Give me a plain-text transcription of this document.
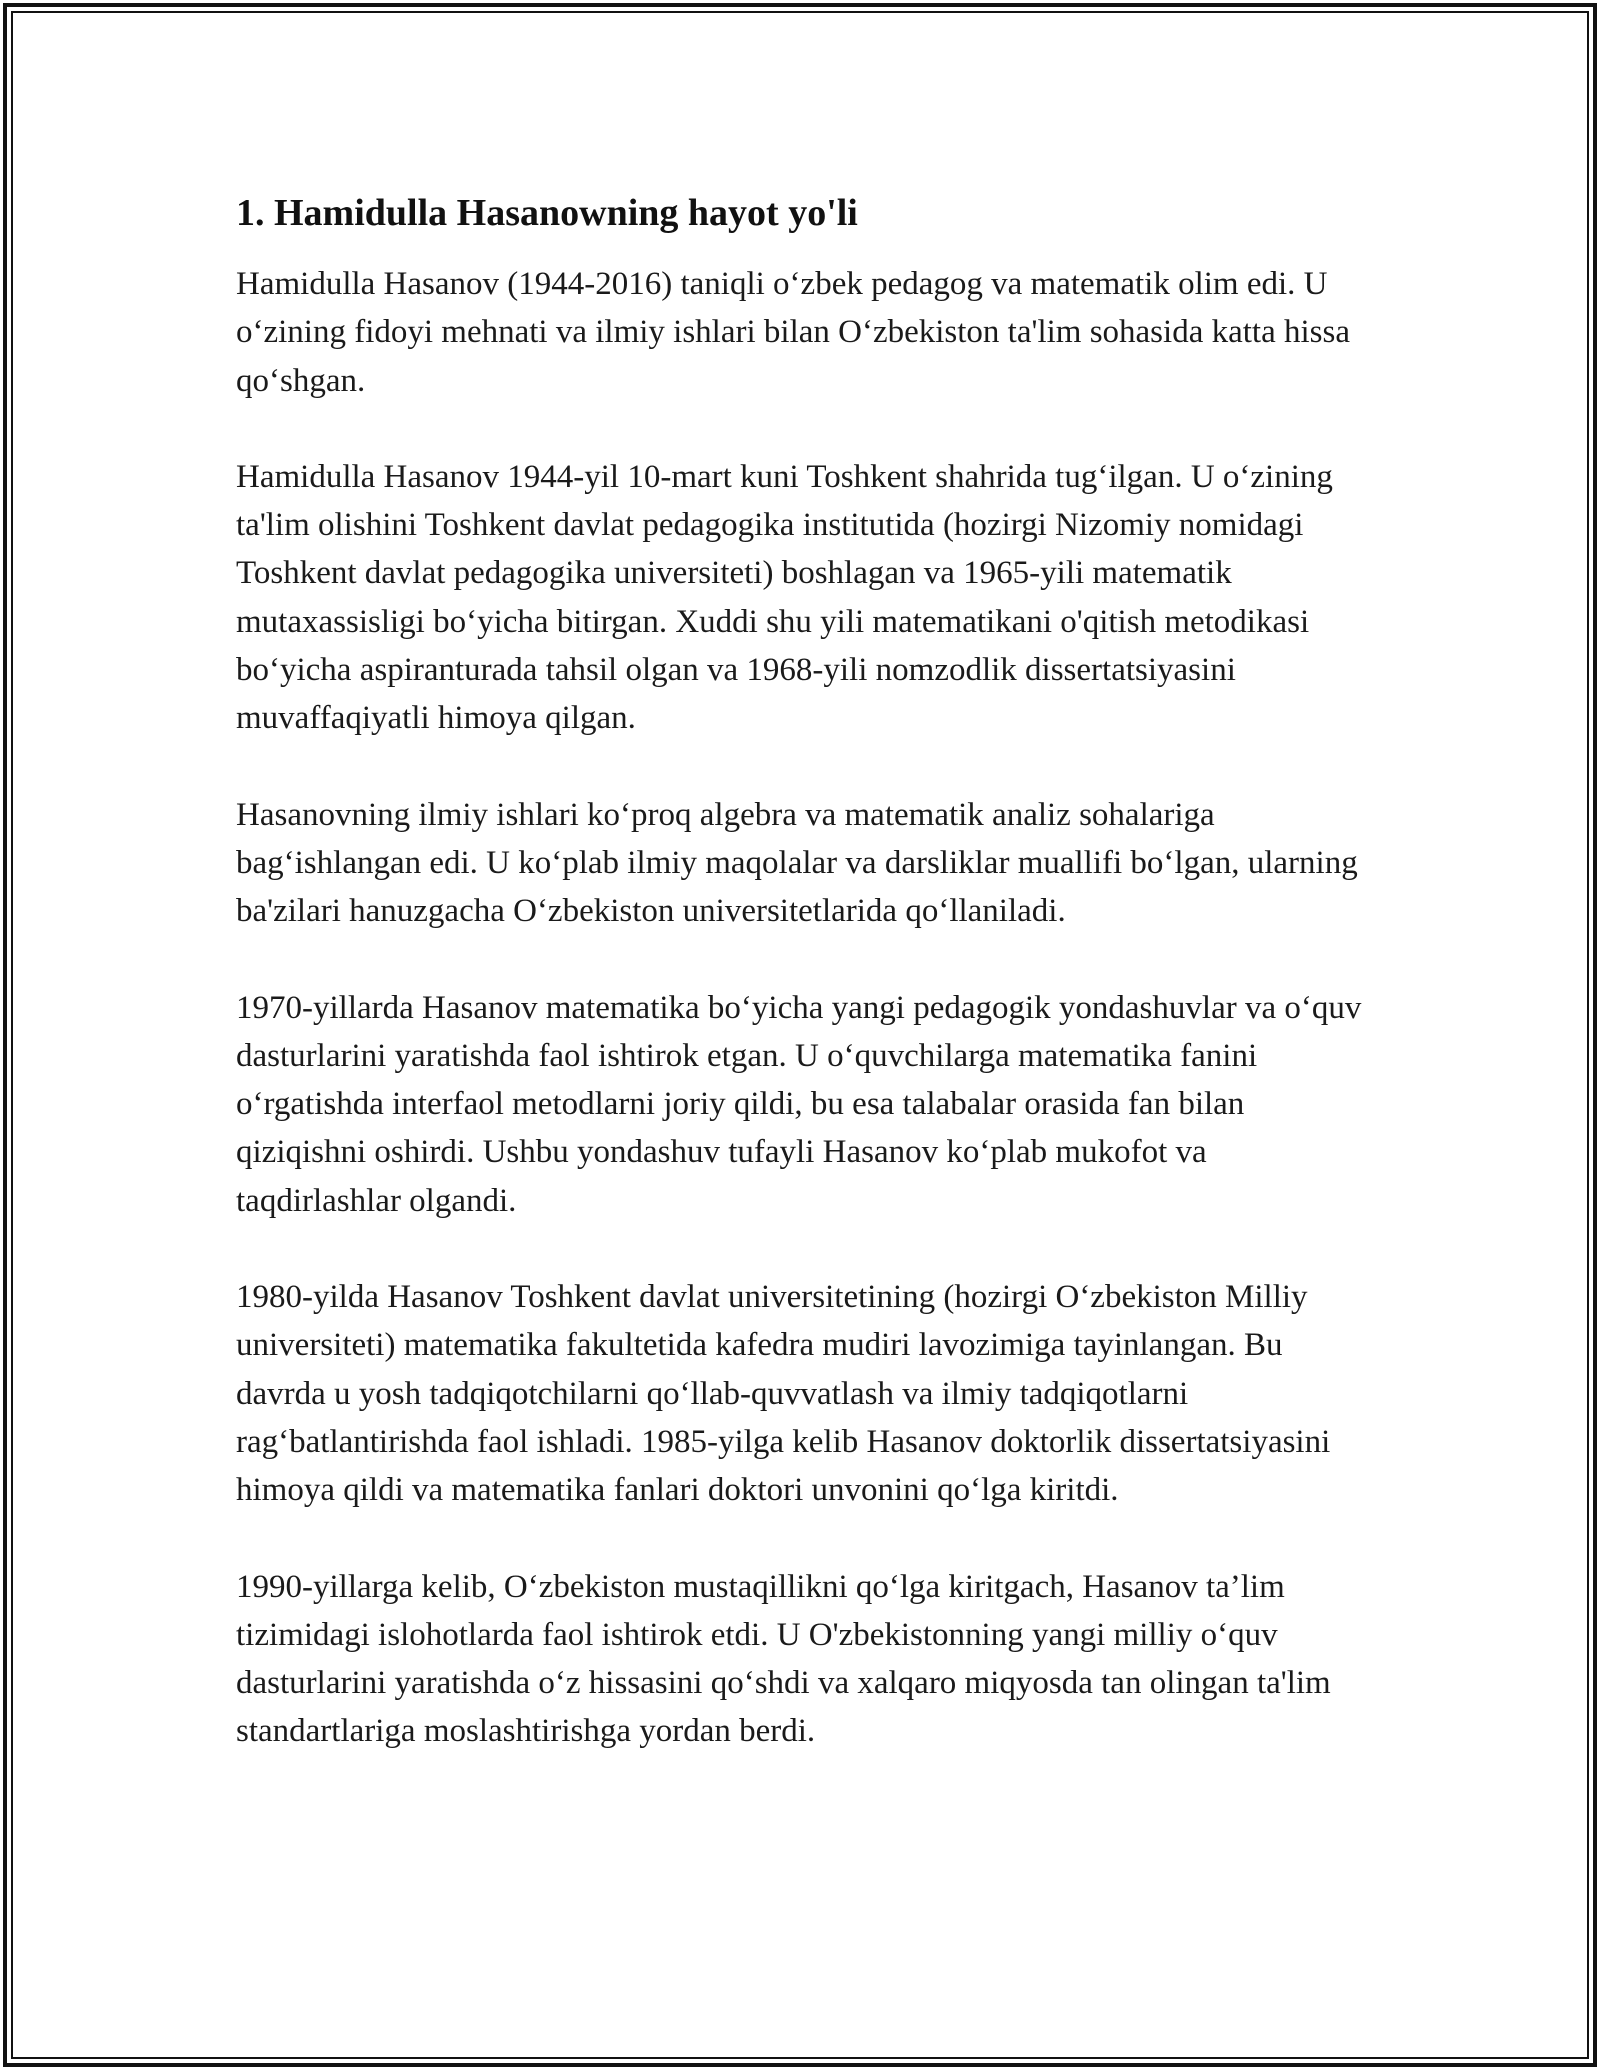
1. Hamidulla Hasanowning hayot yo'li

Hamidulla Hasanov (1944-2016) taniqli o‘zbek pedagog va matematik olim edi. U o‘zining fidoyi mehnati va ilmiy ishlari bilan O‘zbekiston ta'lim sohasida katta hissa qo‘shgan.

Hamidulla Hasanov 1944-yil 10-mart kuni Toshkent shahrida tug‘ilgan. U o‘zining ta'lim olishini Toshkent davlat pedagogika institutida (hozirgi Nizomiy nomidagi Toshkent davlat pedagogika universiteti) boshlagan va 1965-yili matematik mutaxassisligi bo‘yicha bitirgan. Xuddi shu yili matematikani o'qitish metodikasi bo‘yicha aspiranturada tahsil olgan va 1968-yili nomzodlik dissertatsiyasini muvaffaqiyatli himoya qilgan.

Hasanovning ilmiy ishlari ko‘proq algebra va matematik analiz sohalariga bag‘ishlangan edi. U ko‘plab ilmiy maqolalar va darsliklar muallifi bo‘lgan, ularning ba'zilari hanuzgacha O‘zbekiston universitetlarida qo‘llaniladi.

1970-yillarda Hasanov matematika bo‘yicha yangi pedagogik yondashuvlar va o‘quv dasturlarini yaratishda faol ishtirok etgan. U o‘quvchilarga matematika fanini o‘rgatishda interfaol metodlarni joriy qildi, bu esa talabalar orasida fan bilan qiziqishni oshirdi. Ushbu yondashuv tufayli Hasanov ko‘plab mukofot va taqdirlashlar olgandi.

1980-yilda Hasanov Toshkent davlat universitetining (hozirgi O‘zbekiston Milliy universiteti) matematika fakultetida kafedra mudiri lavozimiga tayinlangan. Bu davrda u yosh tadqiqotchilarni qo‘llab-quvvatlash va ilmiy tadqiqotlarni rag‘batlantirishda faol ishladi. 1985-yilga kelib Hasanov doktorlik dissertatsiyasini himoya qildi va matematika fanlari doktori unvonini qo‘lga kiritdi.

1990-yillarga kelib, O‘zbekiston mustaqillikni qo‘lga kiritgach, Hasanov ta’lim tizimidagi islohotlarda faol ishtirok etdi. U O'zbekistonning yangi milliy o‘quv dasturlarini yaratishda o‘z hissasini qo‘shdi va xalqaro miqyosda tan olingan ta'lim standartlariga moslashtirishga yordan berdi.
